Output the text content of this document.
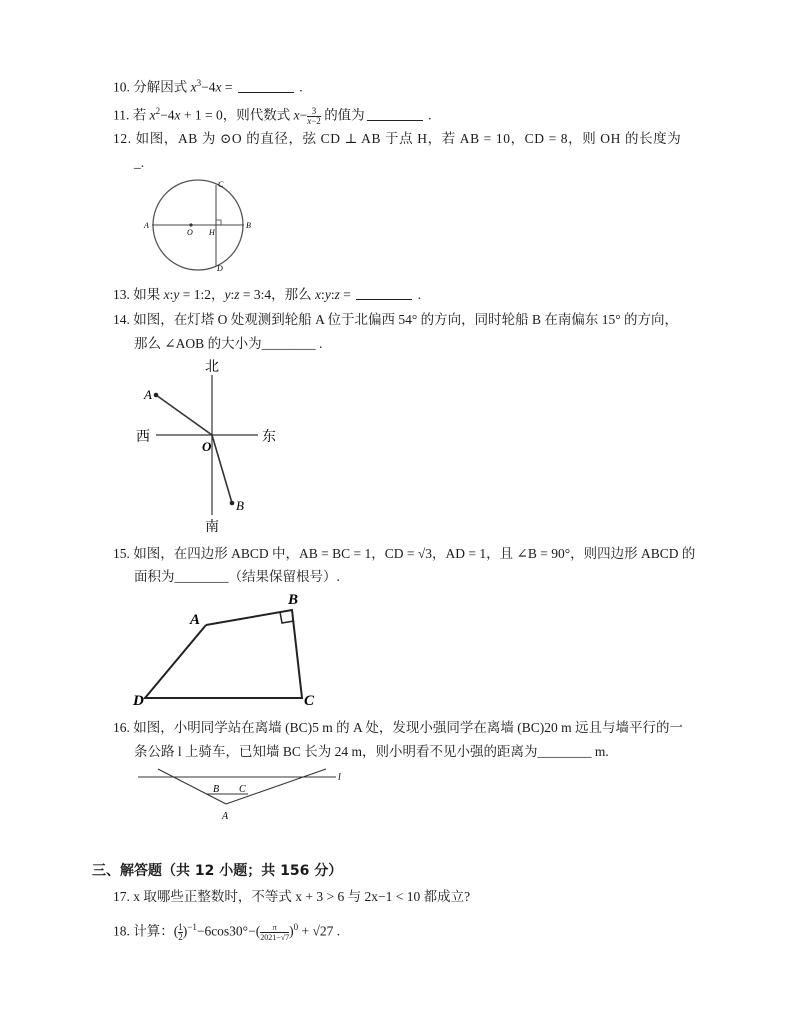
10. 分解因式 $x^3-4x$ =	.
11. 若 $x^2-4x + 1 = 0$，则代数式 $x- \frac{3}{x-2}$ 的值为	.
12. 如图，AB 为 ⊙O 的直径，弦 CD ⊥ AB 于点 H，若 AB = 10，CD = 8，则 OH 的长度为
_.
A	B
C
D
O H
13. 如果 x:y = 1:2，y:z = 3:4，那么 x:y:z =	.
14. 如图，在灯塔 O 处观测到轮船 A 位于北偏西 54° 的方向，同时轮船 B 在南偏东 15° 的方向，
那么 ∠AOB 的大小为________ .
北
南
西	东
A
B
O
15. 如图，在四边形 ABCD 中，AB = BC = 1，CD = √3，AD = 1，且 ∠B = 90°，则四边形 ABCD 的
面积为________（结果保留根号）.
A
B
C
D
16. 如图，小明同学站在离墙 (BC)5 m 的 A 处，发现小强同学在离墙 (BC)20 m 远且与墙平行的一
条公路 l 上骑车，已知墙 BC 长为 24 m，则小明看不见小强的距离为________ m.
l
B C
A
三、解答题（共 12 小题；共 156 分）
17. x 取哪些正整数时，不等式 x + 3 > 6 与 2x−1 < 10 都成立?
18. 计算：( $\frac{1}{2} )^{-1}-6\cos 30^\circ-( \frac{\pi}{2021-√7} )^0 + √27$ .
